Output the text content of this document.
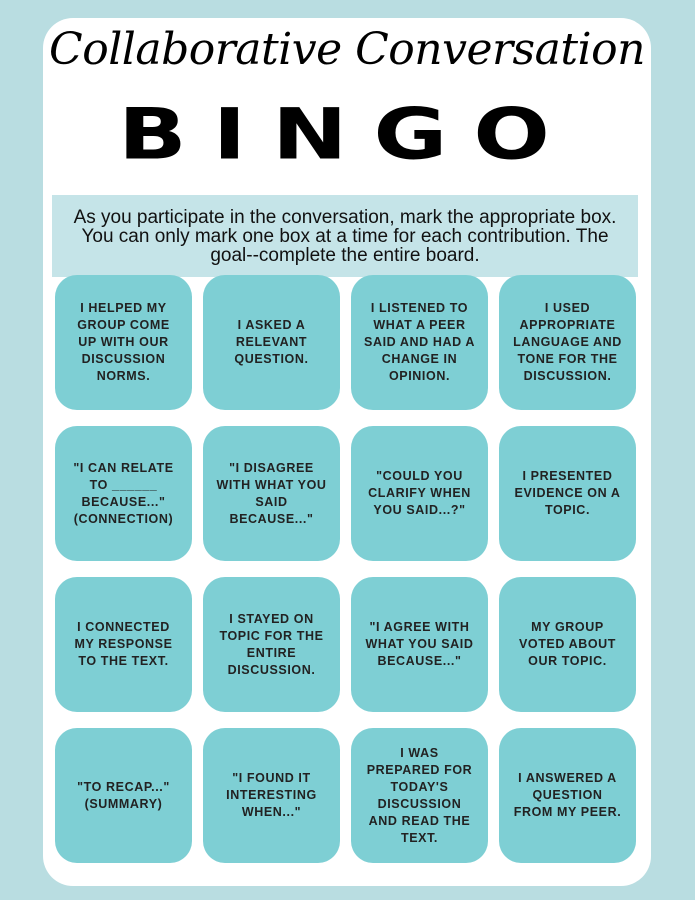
Collaborative Conversation
BINGO

As you participate in the conversation, mark the appropriate box. You can only mark one box at a time for each contribution. The goal--complete the entire board.

I HELPED MY GROUP COME UP WITH OUR DISCUSSION NORMS.
I ASKED A RELEVANT QUESTION.
I LISTENED TO WHAT A PEER SAID AND HAD A CHANGE IN OPINION.
I USED APPROPRIATE LANGUAGE AND TONE FOR THE DISCUSSION.
"I CAN RELATE TO ______ BECAUSE..." (CONNECTION)
"I DISAGREE WITH WHAT YOU SAID BECAUSE..."
"COULD YOU CLARIFY WHEN YOU SAID...?"
I PRESENTED EVIDENCE ON A TOPIC.
I CONNECTED MY RESPONSE TO THE TEXT.
I STAYED ON TOPIC FOR THE ENTIRE DISCUSSION.
"I AGREE WITH WHAT YOU SAID BECAUSE..."
MY GROUP VOTED ABOUT OUR TOPIC.
"TO RECAP..." (SUMMARY)
"I FOUND IT INTERESTING WHEN..."
I WAS PREPARED FOR TODAY'S DISCUSSION AND READ THE TEXT.
I ANSWERED A QUESTION FROM MY PEER.
